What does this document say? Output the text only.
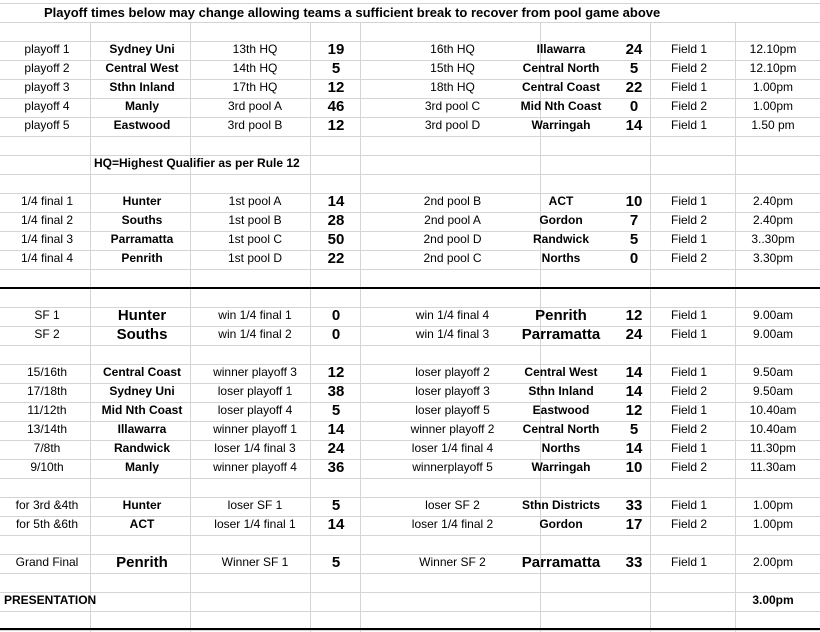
Playoff times below may change allowing teams a sufficient break to recover from pool game above
HQ=Highest Qualifier as per Rule 12
playoff 1	Sydney Uni	13th HQ	19	16th HQ	Illawarra	24	Field 1	12.10pm
playoff 2	Central West	14th HQ	5	15th HQ	Central North	5	Field 2	12.10pm
playoff 3	Sthn Inland	17th HQ	12	18th HQ	Central Coast	22	Field 1	1.00pm
playoff 4	Manly	3rd pool A	46	3rd pool C	Mid Nth Coast	0	Field 2	1.00pm
playoff 5	Eastwood	3rd pool B	12	3rd pool D	Warringah	14	Field 1	1.50 pm
1/4 final 1	Hunter	1st pool A	14	2nd pool B	ACT	10	Field 1	2.40pm
1/4 final 2	Souths	1st pool B	28	2nd pool A	Gordon	7	Field 2	2.40pm
1/4 final 3	Parramatta	1st pool C	50	2nd pool D	Randwick	5	Field 1	3..30pm
1/4 final 4	Penrith	1st pool D	22	2nd pool C	Norths	0	Field 2	3.30pm
SF 1	Hunter	win 1/4 final 1	0	win 1/4 final 4	Penrith	12	Field 1	9.00am
SF 2	Souths	win 1/4 final 2	0	win 1/4 final 3	Parramatta	24	Field 1	9.00am
15/16th	Central Coast	winner playoff 3	12	loser playoff 2	Central West	14	Field 1	9.50am
17/18th	Sydney Uni	loser playoff 1	38	loser playoff 3	Sthn Inland	14	Field 2	9.50am
11/12th	Mid Nth Coast	loser playoff 4	5	loser playoff 5	Eastwood	12	Field 1	10.40am
13/14th	Illawarra	winner playoff 1	14	winner playoff 2	Central North	5	Field 2	10.40am
7/8th	Randwick	loser 1/4 final 3	24	loser 1/4 final 4	Norths	14	Field 1	11.30pm
9/10th	Manly	winner playoff 4	36	winnerplayoff 5	Warringah	10	Field 2	11.30am
for 3rd &4th	Hunter	loser SF 1	5	loser SF 2	Sthn Districts	33	Field 1	1.00pm
for 5th &6th	ACT	loser 1/4 final 1	14	loser 1/4 final 2	Gordon	17	Field 2	1.00pm
Grand Final	Penrith	Winner SF 1	5	Winner SF 2	Parramatta	33	Field 1	2.00pm
PRESENTATION	3.00pm
